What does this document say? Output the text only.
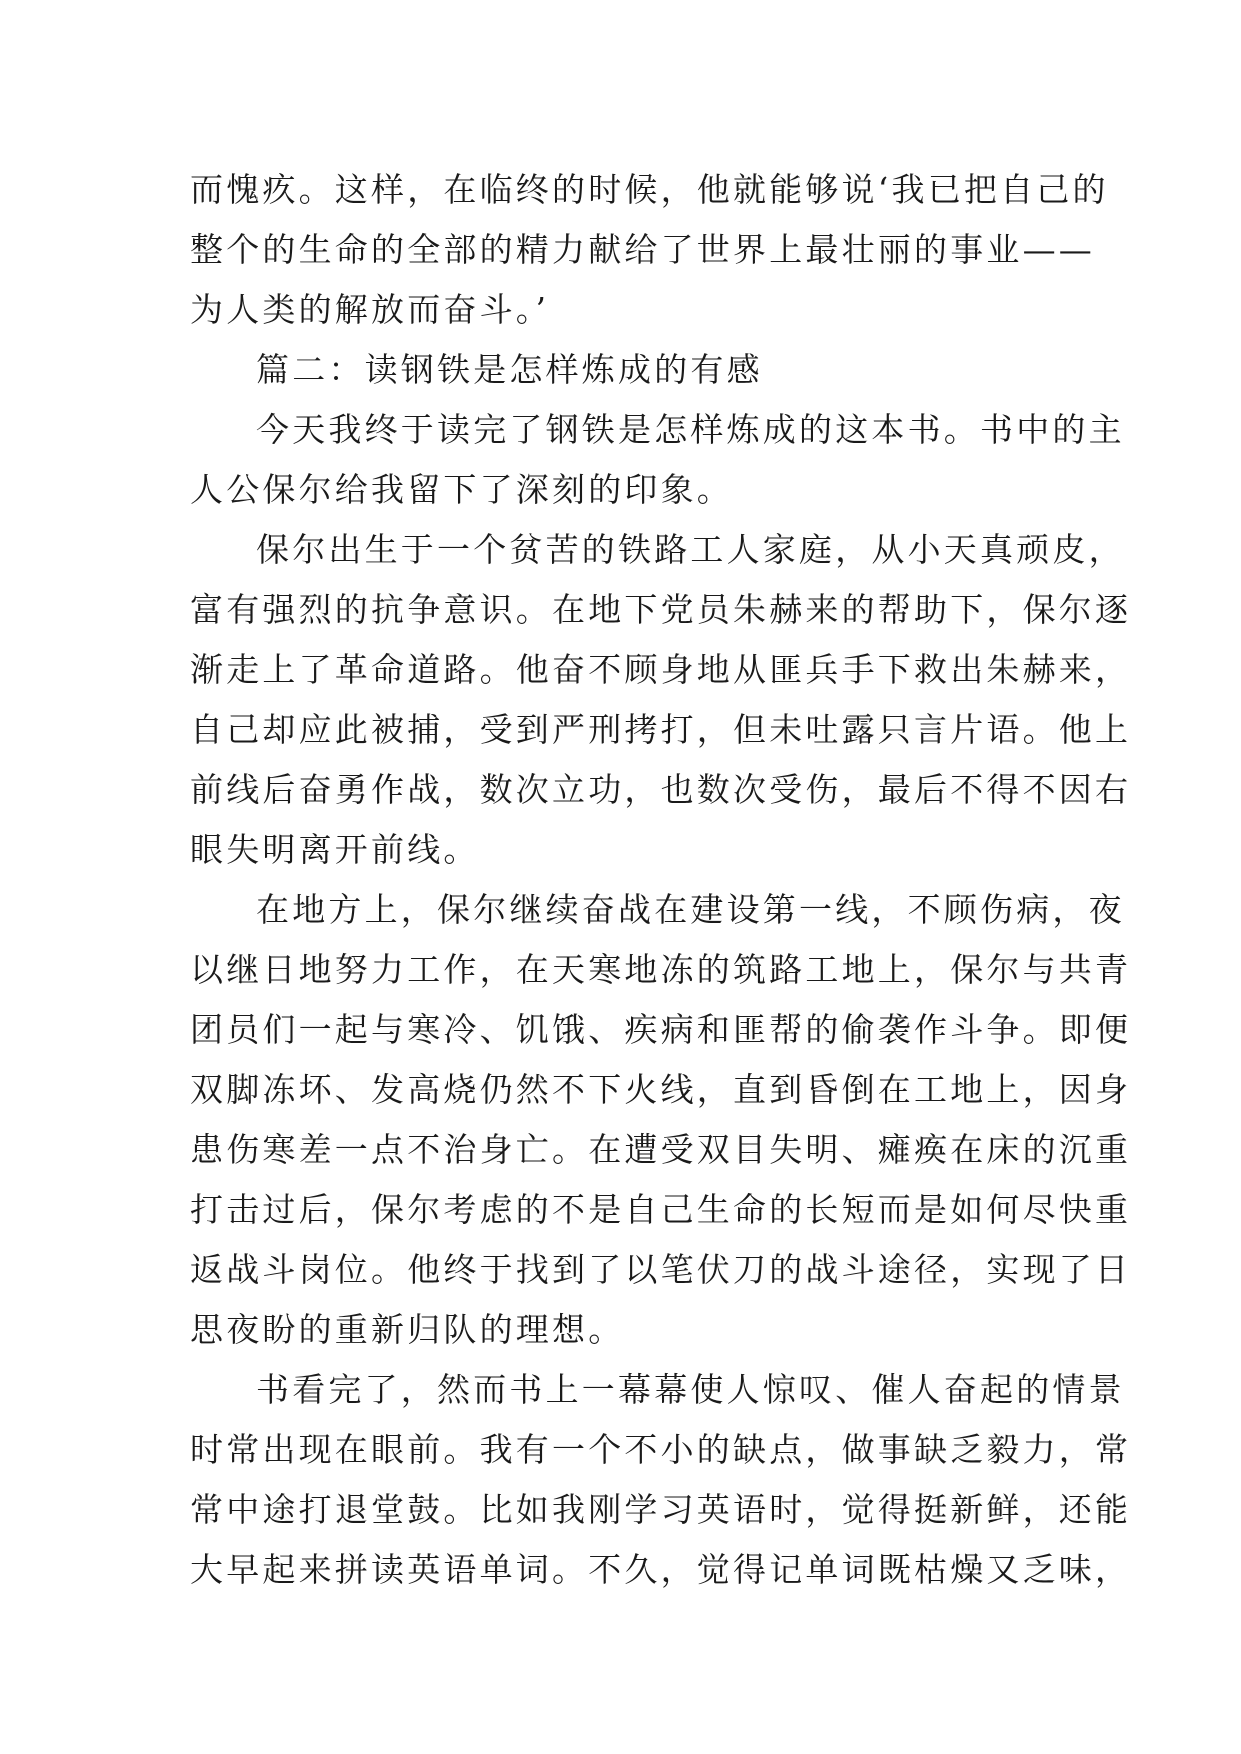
而愧疚。这样，在临终的时候，他就能够说‘我已把自己的
整个的生命的全部的精力献给了世界上最壮丽的事业——
为人类的解放而奋斗。’
篇二：读钢铁是怎样炼成的有感
今天我终于读完了钢铁是怎样炼成的这本书。书中的主
人公保尔给我留下了深刻的印象。
保尔出生于一个贫苦的铁路工人家庭，从小天真顽皮，
富有强烈的抗争意识。在地下党员朱赫来的帮助下，保尔逐
渐走上了革命道路。他奋不顾身地从匪兵手下救出朱赫来，
自己却应此被捕，受到严刑拷打，但未吐露只言片语。他上
前线后奋勇作战，数次立功，也数次受伤，最后不得不因右
眼失明离开前线。
在地方上，保尔继续奋战在建设第一线，不顾伤病，夜
以继日地努力工作，在天寒地冻的筑路工地上，保尔与共青
团员们一起与寒冷、饥饿、疾病和匪帮的偷袭作斗争。即便
双脚冻坏、发高烧仍然不下火线，直到昏倒在工地上，因身
患伤寒差一点不治身亡。在遭受双目失明、瘫痪在床的沉重
打击过后，保尔考虑的不是自己生命的长短而是如何尽快重
返战斗岗位。他终于找到了以笔伏刀的战斗途径，实现了日
思夜盼的重新归队的理想。
书看完了，然而书上一幕幕使人惊叹、催人奋起的情景
时常出现在眼前。我有一个不小的缺点，做事缺乏毅力，常
常中途打退堂鼓。比如我刚学习英语时，觉得挺新鲜，还能
大早起来拼读英语单词。不久，觉得记单词既枯燥又乏味，
